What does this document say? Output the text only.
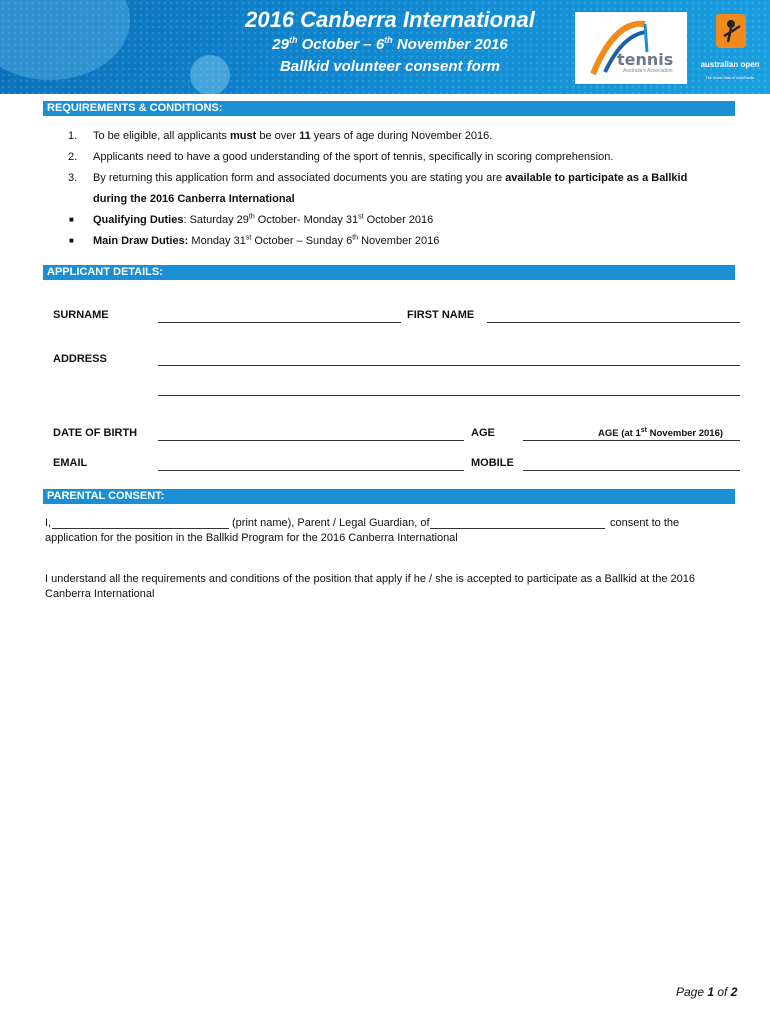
2016 Canberra International
29th October – 6th November 2016
Ballkid volunteer consent form	tennis
Australia's Association
australian open
The Grand Slam of Asia/Pacific
REQUIREMENTS & CONDITIONS:
1. To be eligible, all applicants must be over 11 years of age during November 2016.
2. Applicants need to have a good understanding of the sport of tennis, specifically in scoring comprehension.
3. By returning this application form and associated documents you are stating you are available to participate as a Ballkid
during the 2016 Canberra International
■ Qualifying Duties: Saturday 29th October- Monday 31st October 2016
■ Main Draw Duties: Monday 31st October – Sunday 6th November 2016
APPLICANT DETAILS:
SURNAME	FIRST NAME
ADDRESS
DATE OF BIRTH	AGE	AGE (at 1st November 2016)
EMAIL	MOBILE
PARENTAL CONSENT:
I,	(print name), Parent / Legal Guardian, of	consent to the
application for the position in the Ballkid Program for the 2016 Canberra International
I understand all the requirements and conditions of the position that apply if he / she is accepted to participate as a Ballkid at the 2016 Canberra International
Page 1 of 2
